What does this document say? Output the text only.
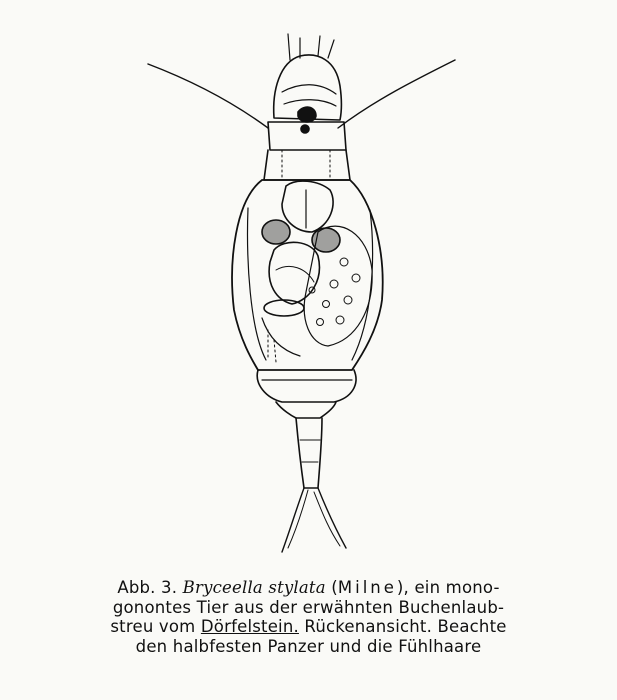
Abb. 3. Bryceella stylata (Milne), ein mono-
gonontes Tier aus der erwähnten Buchenlaub-
streu vom Dörfelstein. Rückenansicht. Beachte
den halbfesten Panzer und die Fühlhaare
